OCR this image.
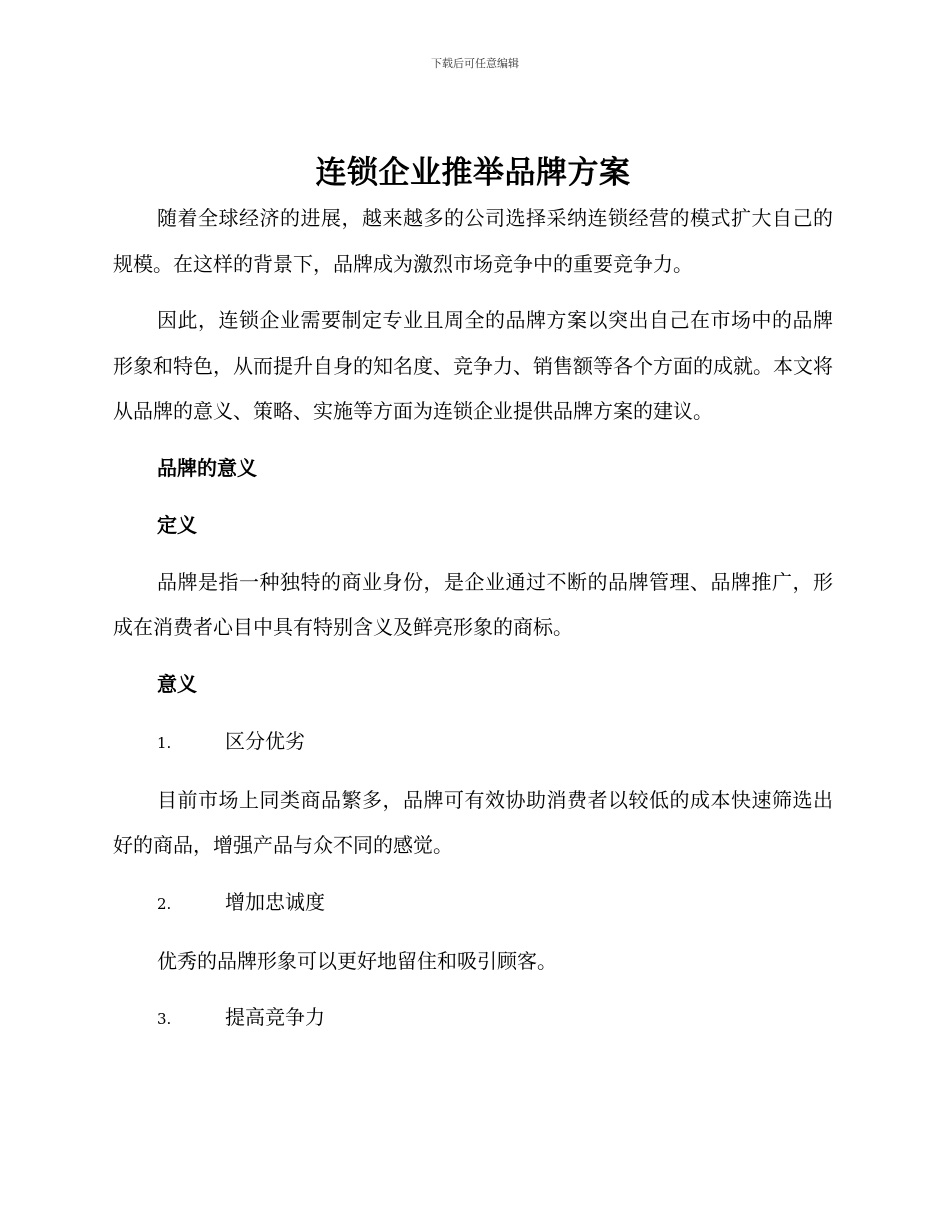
下载后可任意编辑
连锁企业推举品牌方案

随着全球经济的进展，越来越多的公司选择采纳连锁经营的模式扩大自己的规模。在这样的背景下，品牌成为激烈市场竞争中的重要竞争力。

因此，连锁企业需要制定专业且周全的品牌方案以突出自己在市场中的品牌形象和特色，从而提升自身的知名度、竞争力、销售额等各个方面的成就。本文将从品牌的意义、策略、实施等方面为连锁企业提供品牌方案的建议。

品牌的意义
定义

品牌是指一种独特的商业身份，是企业通过不断的品牌管理、品牌推广，形成在消费者心目中具有特别含义及鲜亮形象的商标。

意义
1.	区分优劣

目前市场上同类商品繁多，品牌可有效协助消费者以较低的成本快速筛选出好的商品，增强产品与众不同的感觉。

2.	增加忠诚度

优秀的品牌形象可以更好地留住和吸引顾客。

3.	提高竞争力
